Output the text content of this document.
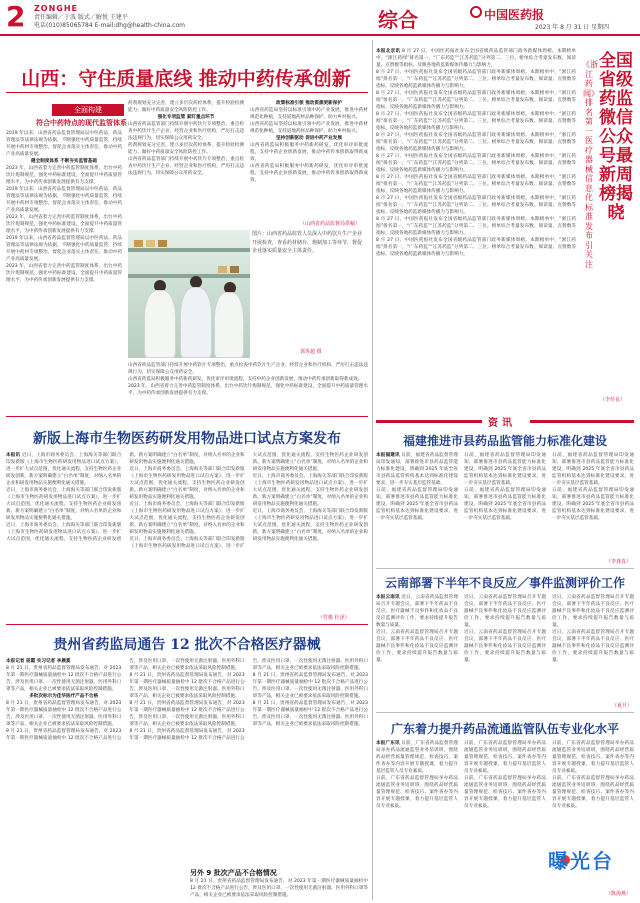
2 ZONGHE
责任编辑／于波 版式／解悦 王建平
电话(010)85065784 E-mail:dhg@health-china.com	综合	中国医药报
2023 年 8 月 31 日 星期四
山西：守住质量底线 推动中药传承创新
全面构建
符合中药特点的现代监管体系

2019 年以来，山西省药品监督管理局以中医药法、药品管理法等法律法规为依据，不断强化中药质量监管，持续开展中药材专项整治，督促企业落实主体责任，推动中药产业高质量发展。

健全制度体系 不断夯实监管基础

2023 年，山西省着力完善中药监管制度体系，出台中药饮片炮制规范，强化中药标准建设，全面提升中药质量管理水平，为中药传承创新发展提供有力支撑。

2019 年以来，山西省药品监督管理局以中医药法、药品管理法等法律法规为依据，不断强化中药质量监管，持续开展中药材专项整治，督促企业落实主体责任，推动中药产业高质量发展。

2023 年，山西省着力完善中药监管制度体系，出台中药饮片炮制规范，强化中药标准建设，全面提升中药质量管理水平，为中药传承创新发展提供有力支撑。

2019 年以来，山西省药品监督管理局以中医药法、药品管理法等法律法规为依据，不断强化中药质量监管，持续开展中药材专项整治，督促企业落实主体责任，推动中药产业高质量发展。

2023 年，山西省着力完善中药监管制度体系，出台中药饮片炮制规范，强化中药标准建设，全面提升中药质量管理水平，为中药传承创新发展提供有力支撑。

药剂规划充分完善，建立多层次药检体系，提升检验检测能力，做好中药质量安全风险防控工作。

强化专项监管 紧盯重点环节

山西省药品监管部门持续开展中药饮片专项整治，重点检查中药饮片生产企业、经营企业和医疗机构，严厉打击违法违规行为，切实保障公众用药安全。

药剂规划充分完善，建立多层次药检体系，提升检验检测能力，做好中药质量安全风险防控工作。

山西省药品监管部门持续开展中药饮片专项整治，重点检查中药饮片生产企业、经营企业和医疗机构，严厉打击违法违规行为，切实保障公众用药安全。

政策标准引领 推动资源更新保护

山西省药监局坚持以标准引领中药产业发展，推进中药材规范化种植，支持道地药材品种保护，助力乡村振兴。

山西省药监局坚持以标准引领中药产业发展，推进中药材规范化种植，支持道地药材品种保护，助力乡村振兴。

坚持创新驱动 促进中药产业发展

山西省药监局积极服务中药新药研发，优化审评审批流程，支持中药企业创新发展，推动中药传承创新取得新成效。

山西省药监局积极服务中药新药研发，优化审评审批流程，支持中药企业创新发展，推动中药传承创新取得新成效。

（山西省药品监督局供稿）
图片：山西省药品监管人员深入中药饮片生产企业开展检查，查看药材储存、炮制加工等环节，督促企业落实质量安全主体责任。
郭英超 摄

山西省药品监管部门持续开展中药饮片专项整治，重点检查中药饮片生产企业、经营企业和医疗机构，严厉打击违法违规行为，切实保障公众用药安全。

山西省药监局积极服务中药新药研发，优化审评审批流程，支持中药企业创新发展，推动中药传承创新取得新成效。

2023 年，山西省着力完善中药监管制度体系，出台中药饮片炮制规范，强化中药标准建设，全面提升中药质量管理水平，为中药传承创新发展提供有力支撑。

《浙江药闻》排名第一 医疗器械信息化标准发布引关注
全国省级药监微信公众号最新周榜揭晓

本报北京讯 8 月 27 日，中国医药报社发布全国省级药品监管部门政务新媒体周榜。本期榜单中，“浙江药闻”排名第一，“广东药监”“江苏药监”分列第二、三位。榜单综合考量发布数、阅读量、点赞数等指标，反映各地药监新媒体传播力与影响力。

8 月 27 日，中国医药报社发布全国省级药品监管部门政务新媒体周榜。本期榜单中，“浙江药闻”排名第一，“广东药监”“江苏药监”分列第二、三位。榜单综合考量发布数、阅读量、点赞数等指标，反映各地药监新媒体传播力与影响力。

8 月 27 日，中国医药报社发布全国省级药品监管部门政务新媒体周榜。本期榜单中，“浙江药闻”排名第一，“广东药监”“江苏药监”分列第二、三位。榜单综合考量发布数、阅读量、点赞数等指标，反映各地药监新媒体传播力与影响力。

8 月 27 日，中国医药报社发布全国省级药品监管部门政务新媒体周榜。本期榜单中，“浙江药闻”排名第一，“广东药监”“江苏药监”分列第二、三位。榜单综合考量发布数、阅读量、点赞数等指标，反映各地药监新媒体传播力与影响力。

8 月 27 日，中国医药报社发布全国省级药品监管部门政务新媒体周榜。本期榜单中，“浙江药闻”排名第一，“广东药监”“江苏药监”分列第二、三位。榜单综合考量发布数、阅读量、点赞数等指标，反映各地药监新媒体传播力与影响力。

8 月 27 日，中国医药报社发布全国省级药品监管部门政务新媒体周榜。本期榜单中，“浙江药闻”排名第一，“广东药监”“江苏药监”分列第二、三位。榜单综合考量发布数、阅读量、点赞数等指标，反映各地药监新媒体传播力与影响力。

8 月 27 日，中国医药报社发布全国省级药品监管部门政务新媒体周榜。本期榜单中，“浙江药闻”排名第一，“广东药监”“江苏药监”分列第二、三位。榜单综合考量发布数、阅读量、点赞数等指标，反映各地药监新媒体传播力与影响力。

8 月 27 日，中国医药报社发布全国省级药品监管部门政务新媒体周榜。本期榜单中，“浙江药闻”排名第一，“广东药监”“江苏药监”分列第二、三位。榜单综合考量发布数、阅读量、点赞数等指标，反映各地药监新媒体传播力与影响力。

8 月 27 日，中国医药报社发布全国省级药品监管部门政务新媒体周榜。本期榜单中，“浙江药闻”排名第一，“广东药监”“江苏药监”分列第二、三位。榜单综合考量发布数、阅读量、点赞数等指标，反映各地药监新媒体传播力与影响力。

8 月 27 日，中国医药报社发布全国省级药品监管部门政务新媒体周榜。本期榜单中，“浙江药闻”排名第一，“广东药监”“江苏药监”分列第二、三位。榜单综合考量发布数、阅读量、点赞数等指标，反映各地药监新媒体传播力与影响力。

（李佳良）
资讯
福建推进市县药品监管能力标准化建设

本报福建讯 日前，福建省药品监督管理局印发通知，部署推进市县药品监管能力标准化建设，明确到 2025 年底全省市县药品监管机构基本达到标准化建设要求，进一步夯实基层监管基础。

日前，福建省药品监督管理局印发通知，部署推进市县药品监管能力标准化建设，明确到 2025 年底全省市县药品监管机构基本达到标准化建设要求，进一步夯实基层监管基础。

日前，福建省药品监督管理局印发通知，部署推进市县药品监管能力标准化建设，明确到 2025 年底全省市县药品监管机构基本达到标准化建设要求，进一步夯实基层监管基础。

日前，福建省药品监督管理局印发通知，部署推进市县药品监管能力标准化建设，明确到 2025 年底全省市县药品监管机构基本达到标准化建设要求，进一步夯实基层监管基础。

日前，福建省药品监督管理局印发通知，部署推进市县药品监管能力标准化建设，明确到 2025 年底全省市县药品监管机构基本达到标准化建设要求，进一步夯实基层监管基础。

日前，福建省药品监督管理局印发通知，部署推进市县药品监管能力标准化建设，明确到 2025 年底全省市县药品监管机构基本达到标准化建设要求，进一步夯实基层监管基础。

（李龚真）
云南部署下半年不良反应／事件监测评价工作

本报云南讯 近日，云南省药品监督管理局召开专题会议，部署下半年药品不良反应、医疗器械不良事件和化妆品不良反应监测评价工作，要求持续提升报告数量与质量。

近日，云南省药品监督管理局召开专题会议，部署下半年药品不良反应、医疗器械不良事件和化妆品不良反应监测评价工作，要求持续提升报告数量与质量。

近日，云南省药品监督管理局召开专题会议，部署下半年药品不良反应、医疗器械不良事件和化妆品不良反应监测评价工作，要求持续提升报告数量与质量。

近日，云南省药品监督管理局召开专题会议，部署下半年药品不良反应、医疗器械不良事件和化妆品不良反应监测评价工作，要求持续提升报告数量与质量。

近日，云南省药品监督管理局召开专题会议，部署下半年药品不良反应、医疗器械不良事件和化妆品不良反应监测评价工作，要求持续提升报告数量与质量。

近日，云南省药品监督管理局召开专题会议，部署下半年药品不良反应、医疗器械不良事件和化妆品不良反应监测评价工作，要求持续提升报告数量与质量。

（夏旦）
广东着力提升药品流通监管队伍专业化水平

本报广东讯 日前，广东省药品监督管理局举办药品流通监管业务培训班，围绕药品经营质量管理规范、检查技巧、案件查办等内容开展专题授课，着力提升基层监管人员专业素质。

日前，广东省药品监督管理局举办药品流通监管业务培训班，围绕药品经营质量管理规范、检查技巧、案件查办等内容开展专题授课，着力提升基层监管人员专业素质。

日前，广东省药品监督管理局举办药品流通监管业务培训班，围绕药品经营质量管理规范、检查技巧、案件查办等内容开展专题授课，着力提升基层监管人员专业素质。

日前，广东省药品监督管理局举办药品流通监管业务培训班，围绕药品经营质量管理规范、检查技巧、案件查办等内容开展专题授课，着力提升基层监管人员专业素质。

日前，广东省药品监督管理局举办药品流通监管业务培训班，围绕药品经营质量管理规范、检查技巧、案件查办等内容开展专题授课，着力提升基层监管人员专业素质。

日前，广东省药品监督管理局举办药品流通监管业务培训班，围绕药品经营质量管理规范、检查技巧、案件查办等内容开展专题授课，着力提升基层监管人员专业素质。

（陈海燕）
新版上海市生物医药研发用物品进口试点方案发布

本报讯 近日，上海市商务委员会、上海海关等部门联合印发新版《上海市生物医药研发用物品进口试点方案》，进一步扩大试点范围，优化通关流程，支持生物医药企业研发创新。新方案明确建立“白名单”制度，对纳入名单的企业和研发用物品实施便利化通关措施。

近日，上海市商务委员会、上海海关等部门联合印发新版《上海市生物医药研发用物品进口试点方案》，进一步扩大试点范围，优化通关流程，支持生物医药企业研发创新。新方案明确建立“白名单”制度，对纳入名单的企业和研发用物品实施便利化通关措施。

近日，上海市商务委员会、上海海关等部门联合印发新版《上海市生物医药研发用物品进口试点方案》，进一步扩大试点范围，优化通关流程，支持生物医药企业研发创新。新方案明确建立“白名单”制度，对纳入名单的企业和研发用物品实施便利化通关措施。

近日，上海市商务委员会、上海海关等部门联合印发新版《上海市生物医药研发用物品进口试点方案》，进一步扩大试点范围，优化通关流程，支持生物医药企业研发创新。新方案明确建立“白名单”制度，对纳入名单的企业和研发用物品实施便利化通关措施。

近日，上海市商务委员会、上海海关等部门联合印发新版《上海市生物医药研发用物品进口试点方案》，进一步扩大试点范围，优化通关流程，支持生物医药企业研发创新。新方案明确建立“白名单”制度，对纳入名单的企业和研发用物品实施便利化通关措施。

近日，上海市商务委员会、上海海关等部门联合印发新版《上海市生物医药研发用物品进口试点方案》，进一步扩大试点范围，优化通关流程，支持生物医药企业研发创新。新方案明确建立“白名单”制度，对纳入名单的企业和研发用物品实施便利化通关措施。

近日，上海市商务委员会、上海海关等部门联合印发新版《上海市生物医药研发用物品进口试点方案》，进一步扩大试点范围，优化通关流程，支持生物医药企业研发创新。新方案明确建立“白名单”制度，对纳入名单的企业和研发用物品实施便利化通关措施。

近日，上海市商务委员会、上海海关等部门联合印发新版《上海市生物医药研发用物品进口试点方案》，进一步扩大试点范围，优化通关流程，支持生物医药企业研发创新。新方案明确建立“白名单”制度，对纳入名单的企业和研发用物品实施便利化通关措施。

（竹梭 杜泽）
贵州省药监局通告 12 批次不合格医疗器械

本报记者 屈霞 实习记者 李晨夏

8 月 21 日，贵州省药品监督管理局发布通告，对 2023 年第一期医疗器械质量抽检中 12 批次不合格产品进行公告，涉及医用口罩、一次性使用无菌注射器、医用外科口罩等产品，相关企业已被要求依法采取风险控制措施。

多批次标示为佳华医疗产品不合格

8 月 21 日，贵州省药品监督管理局发布通告，对 2023 年第一期医疗器械质量抽检中 12 批次不合格产品进行公告，涉及医用口罩、一次性使用无菌注射器、医用外科口罩等产品，相关企业已被要求依法采取风险控制措施。

8 月 21 日，贵州省药品监督管理局发布通告，对 2023 年第一期医疗器械质量抽检中 12 批次不合格产品进行公告，涉及医用口罩、一次性使用无菌注射器、医用外科口罩等产品，相关企业已被要求依法采取风险控制措施。

8 月 21 日，贵州省药品监督管理局发布通告，对 2023 年第一期医疗器械质量抽检中 12 批次不合格产品进行公告，涉及医用口罩、一次性使用无菌注射器、医用外科口罩等产品，相关企业已被要求依法采取风险控制措施。

8 月 21 日，贵州省药品监督管理局发布通告，对 2023 年第一期医疗器械质量抽检中 12 批次不合格产品进行公告，涉及医用口罩、一次性使用无菌注射器、医用外科口罩等产品，相关企业已被要求依法采取风险控制措施。

8 月 21 日，贵州省药品监督管理局发布通告，对 2023 年第一期医疗器械质量抽检中 12 批次不合格产品进行公告，涉及医用口罩、一次性使用无菌注射器、医用外科口罩等产品，相关企业已被要求依法采取风险控制措施。

8 月 21 日，贵州省药品监督管理局发布通告，对 2023 年第一期医疗器械质量抽检中 12 批次不合格产品进行公告，涉及医用口罩、一次性使用无菌注射器、医用外科口罩等产品，相关企业已被要求依法采取风险控制措施。

8 月 21 日，贵州省药品监督管理局发布通告，对 2023 年第一期医疗器械质量抽检中 12 批次不合格产品进行公告，涉及医用口罩、一次性使用无菌注射器、医用外科口罩等产品，相关企业已被要求依法采取风险控制措施。

另外 9 批次产品不合格情况

8 月 21 日，贵州省药品监督管理局发布通告，对 2023 年第一期医疗器械质量抽检中 12 批次不合格产品进行公告，涉及医用口罩、一次性使用无菌注射器、医用外科口罩等产品，相关企业已被要求依法采取风险控制措施。

曝光台
